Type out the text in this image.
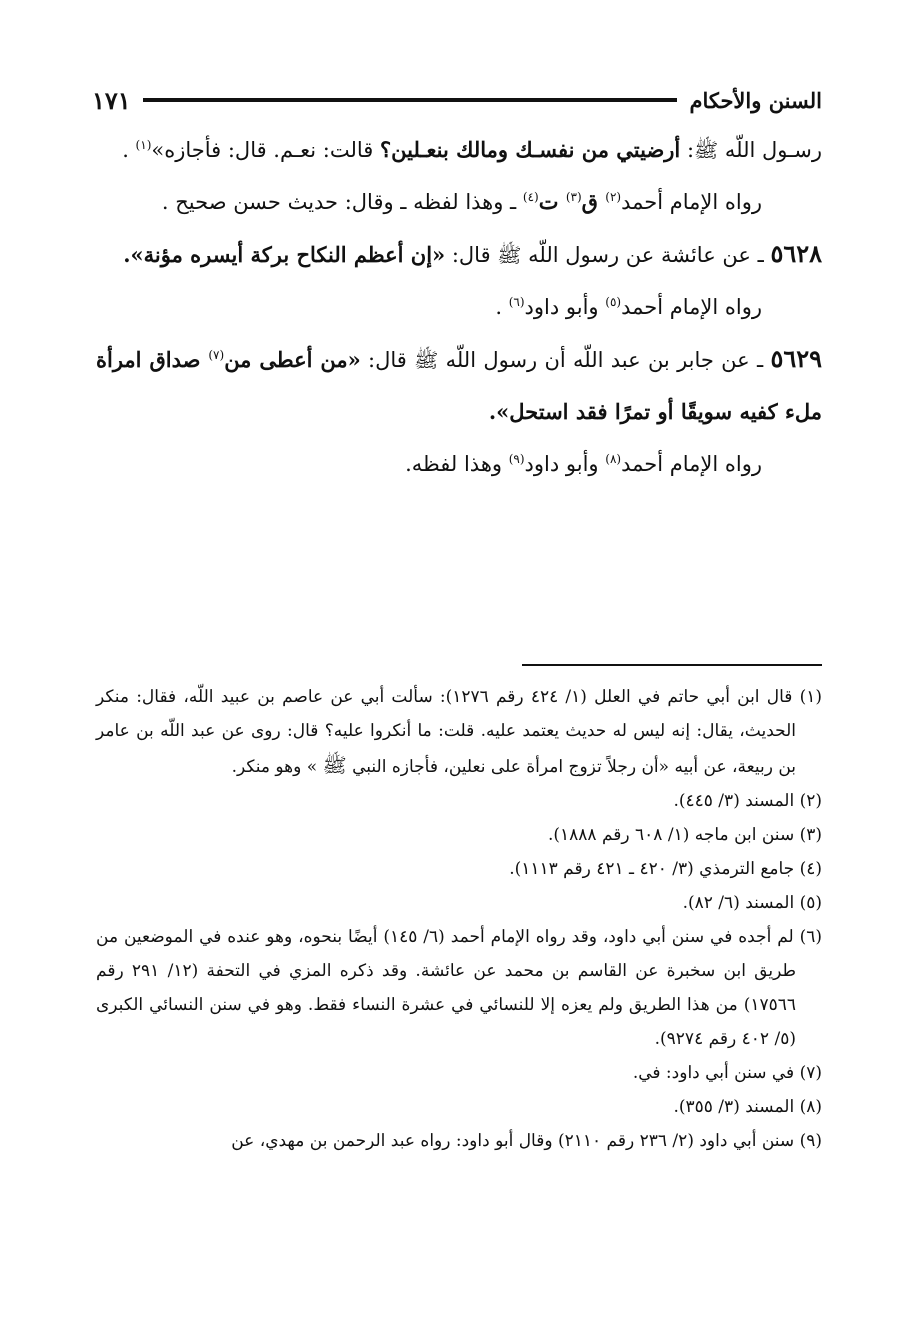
السنن والأحكام
١٧١

رسـول اللّه ﷺ: أرضيتي من نفسـك ومالك بنعـلين؟ قالت: نعـم. قال: فأجازه»$^{(١)}$ .

رواه الإمام أحمد$^{(٢)}$ ق$^{(٣)}$ ت$^{(٤)}$ ـ وهذا لفظه ـ وقال: حديث حسن صحيح .

٥٦٢٨ ـ عن عائشة عن رسول اللّه ﷺ قال: «إن أعظم النكاح بركة أيسره مؤنة».

رواه الإمام أحمد$^{(٥)}$ وأبو داود$^{(٦)}$ .

٥٦٢٩ ـ عن جابر بن عبد اللّه أن رسول اللّه ﷺ قال: «من أعطى من$^{(٧)}$ صداق امرأة ملء كفيه سويقًا أو تمرًا فقد استحل».

رواه الإمام أحمد$^{(٨)}$ وأبو داود$^{(٩)}$ وهذا لفظه.

(١) قال ابن أبي حاتم في العلل (١/ ٤٢٤ رقم ١٢٧٦): سألت أبي عن عاصم بن عبيد اللّه، فقال: منكر الحديث، يقال: إنه ليس له حديث يعتمد عليه. قلت: ما أنكروا عليه؟ قال: روى عن عبد اللّه بن عامر بن ربيعة، عن أبيه «أن رجلاً تزوج امرأة على نعلين، فأجازه النبي ﷺ » وهو منكر.

(٢) المسند (٣/ ٤٤٥).

(٣) سنن ابن ماجه (١/ ٦٠٨ رقم ١٨٨٨).

(٤) جامع الترمذي (٣/ ٤٢٠ ـ ٤٢١ رقم ١١١٣).

(٥) المسند (٦/ ٨٢).

(٦) لم أجده في سنن أبي داود، وقد رواه الإمام أحمد (٦/ ١٤٥) أيضًا بنحوه، وهو عنده في الموضعين من طريق ابن سخبرة عن القاسم بن محمد عن عائشة. وقد ذكره المزي في التحفة (١٢/ ٢٩١ رقم ١٧٥٦٦) من هذا الطريق ولم يعزه إلا للنسائي في عشرة النساء فقط. وهو في سنن النسائي الكبرى (٥/ ٤٠٢ رقم ٩٢٧٤).

(٧) في سنن أبي داود: في.

(٨) المسند (٣/ ٣٥٥).

(٩) سنن أبي داود (٢/ ٢٣٦ رقم ٢١١٠) وقال أبو داود: رواه عبد الرحمن بن مهدي، عن
